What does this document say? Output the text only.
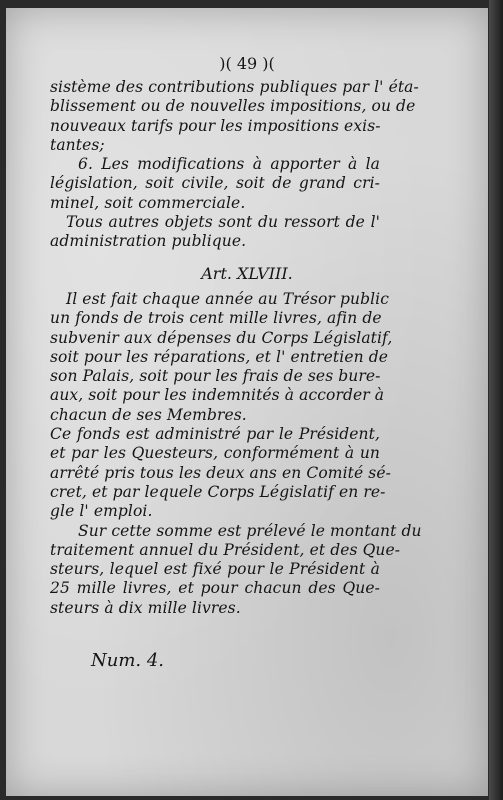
)( 49 )(
sistème des contributions publiques par l' éta-
blissement ou de nouvelles impositions, ou de
nouveaux tarifs pour les impositions exis-
tantes;
6. Les modifications à apporter à la
législation, soit civile, soit de grand cri-
minel, soit commerciale.
Tous autres objets sont du ressort de l'
administration publique.
Art. XLVIII.
Il est fait chaque année au Trésor public
un fonds de trois cent mille livres, afin de
subvenir aux dépenses du Corps Législatif,
soit pour les réparations, et l' entretien de
son Palais, soit pour les frais de ses bure-
aux, soit pour les indemnités à accorder à
chacun de ses Membres.
Ce fonds est administré par le Président,
et par les Questeurs, conformément à un
arrêté pris tous les deux ans en Comité sé-
cret, et par lequele Corps Législatif en re-
gle l' emploi.
Sur cette somme est prélevé le montant du
traitement annuel du Président, et des Que-
steurs, lequel est fixé pour le Président à
25 mille livres, et pour chacun des Que-
steurs à dix mille livres.
Num. 4.
